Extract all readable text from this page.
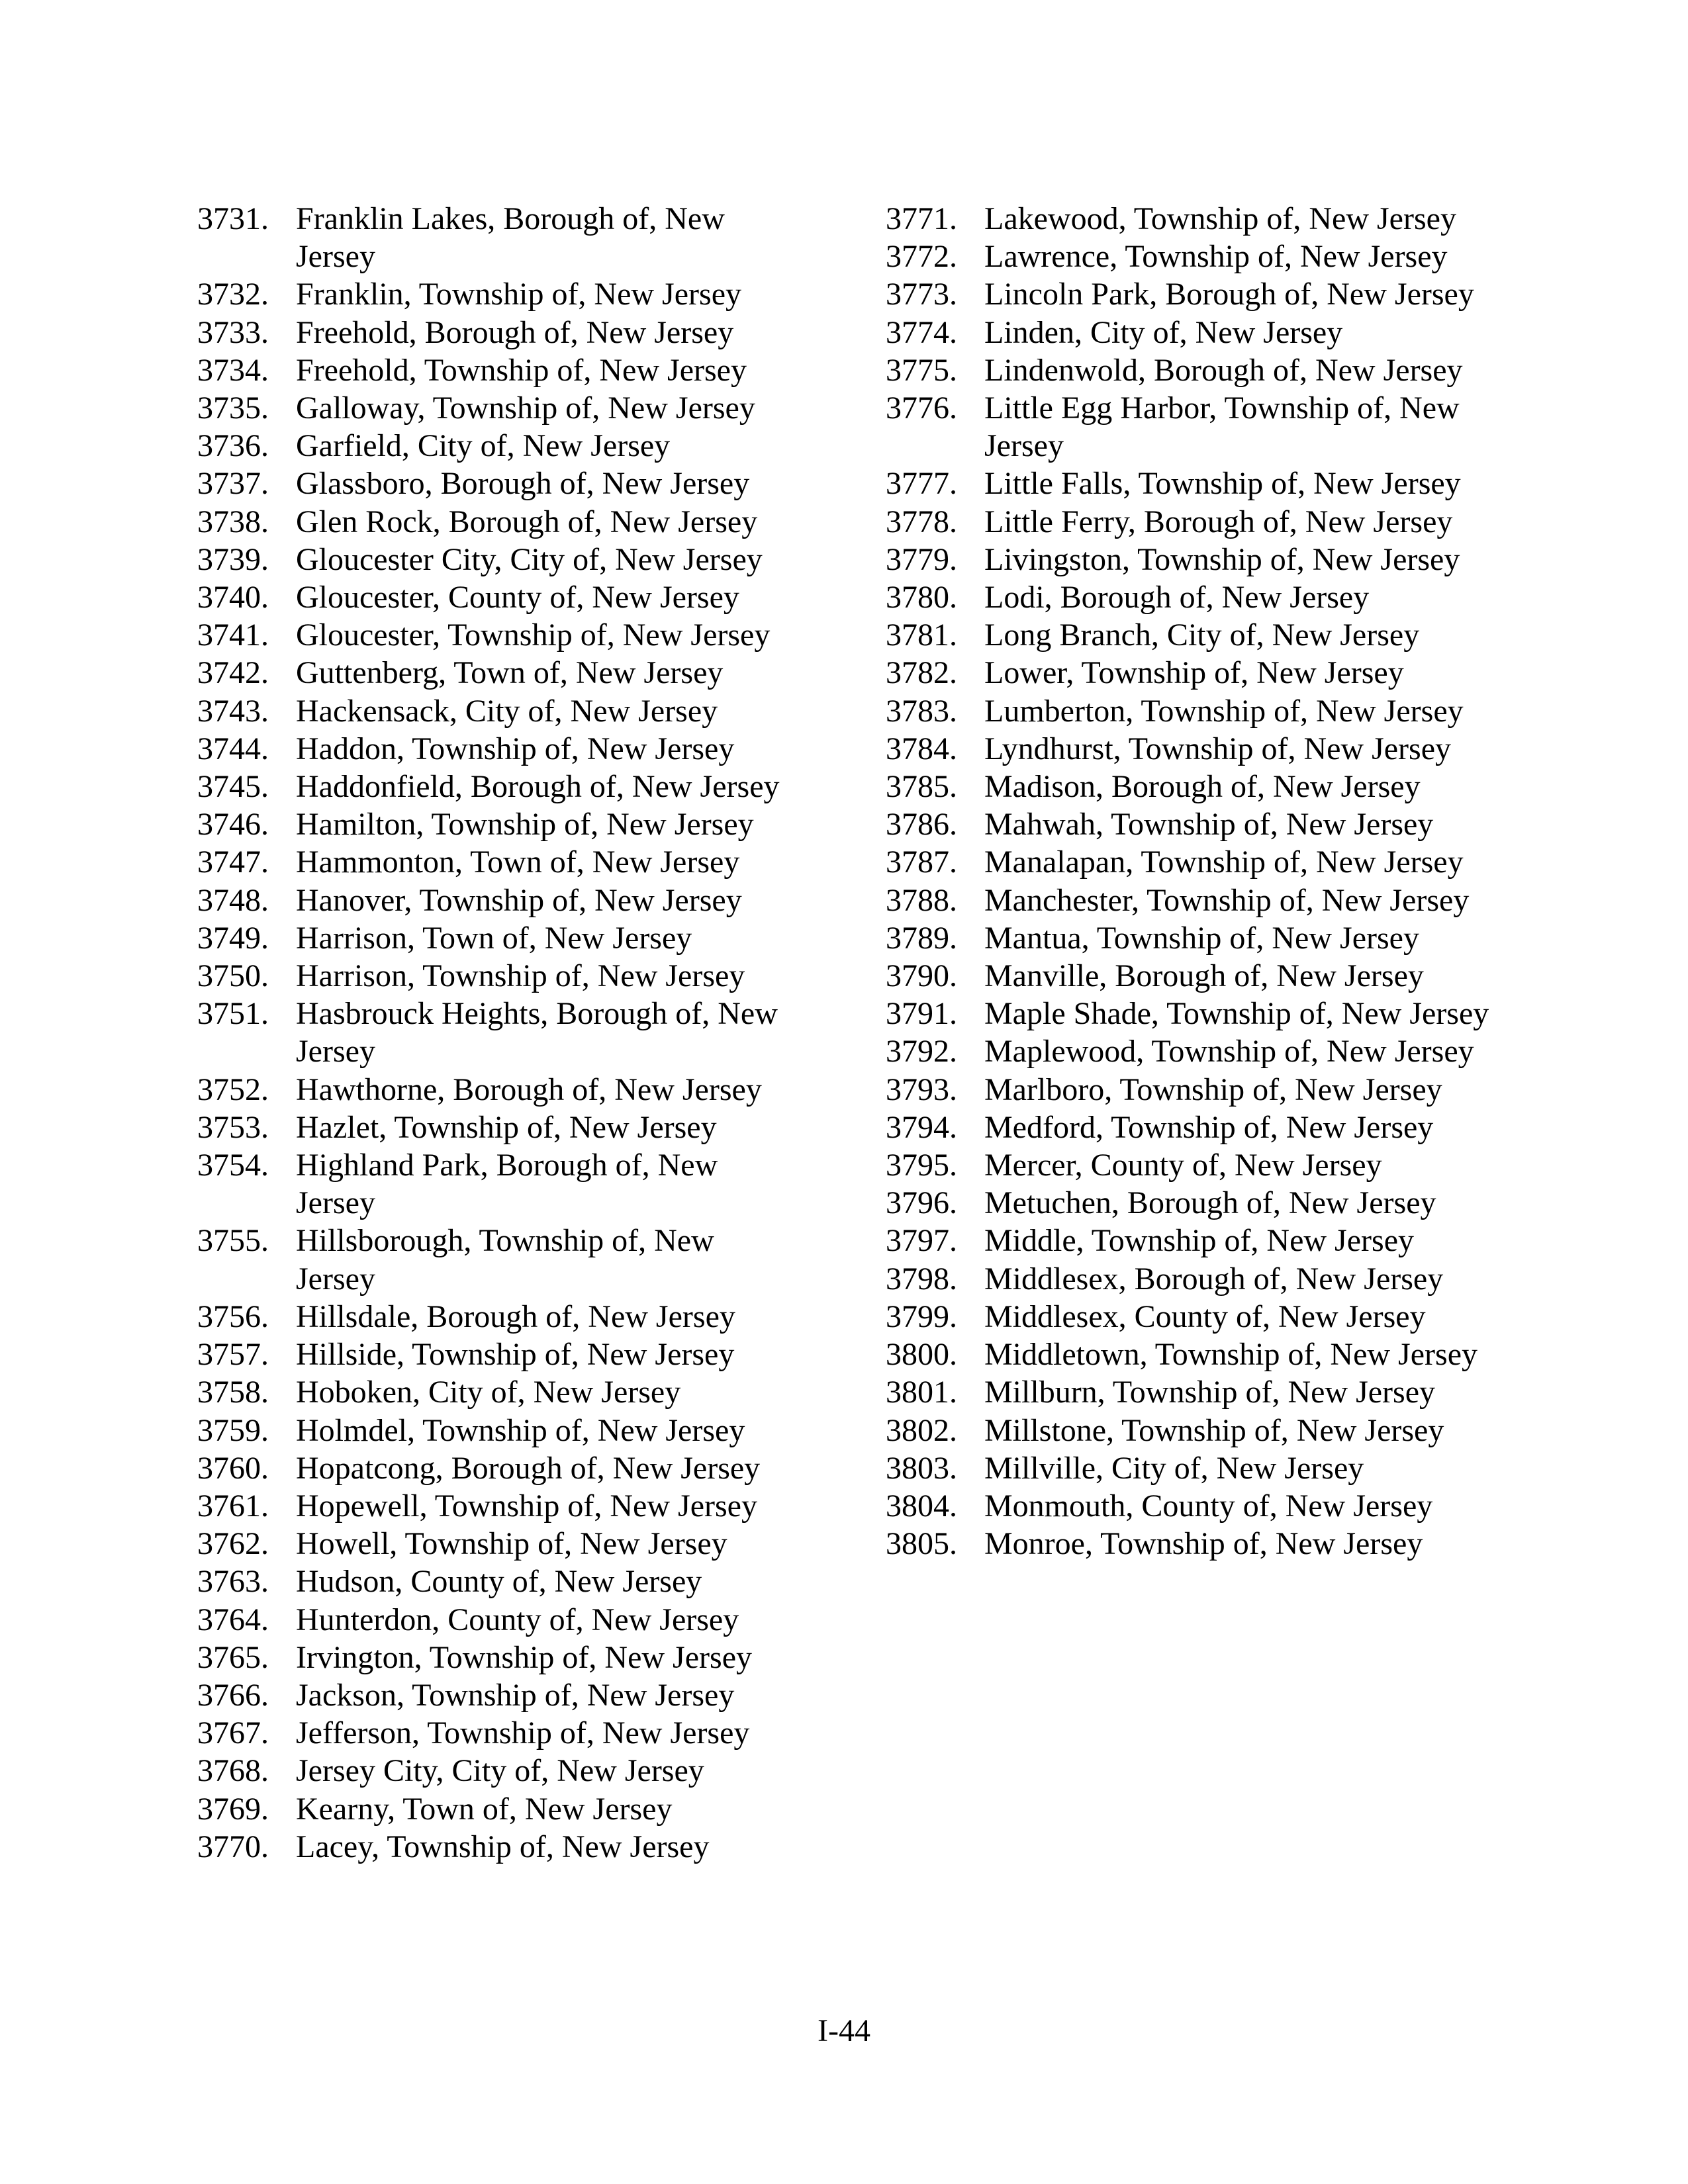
3731. Franklin Lakes, Borough of, New Jersey
3732. Franklin, Township of, New Jersey
3733. Freehold, Borough of, New Jersey
3734. Freehold, Township of, New Jersey
3735. Galloway, Township of, New Jersey
3736. Garfield, City of, New Jersey
3737. Glassboro, Borough of, New Jersey
3738. Glen Rock, Borough of, New Jersey
3739. Gloucester City, City of, New Jersey
3740. Gloucester, County of, New Jersey
3741. Gloucester, Township of, New Jersey
3742. Guttenberg, Town of, New Jersey
3743. Hackensack, City of, New Jersey
3744. Haddon, Township of, New Jersey
3745. Haddonfield, Borough of, New Jersey
3746. Hamilton, Township of, New Jersey
3747. Hammonton, Town of, New Jersey
3748. Hanover, Township of, New Jersey
3749. Harrison, Town of, New Jersey
3750. Harrison, Township of, New Jersey
3751. Hasbrouck Heights, Borough of, New Jersey
3752. Hawthorne, Borough of, New Jersey
3753. Hazlet, Township of, New Jersey
3754. Highland Park, Borough of, New Jersey
3755. Hillsborough, Township of, New Jersey
3756. Hillsdale, Borough of, New Jersey
3757. Hillside, Township of, New Jersey
3758. Hoboken, City of, New Jersey
3759. Holmdel, Township of, New Jersey
3760. Hopatcong, Borough of, New Jersey
3761. Hopewell, Township of, New Jersey
3762. Howell, Township of, New Jersey
3763. Hudson, County of, New Jersey
3764. Hunterdon, County of, New Jersey
3765. Irvington, Township of, New Jersey
3766. Jackson, Township of, New Jersey
3767. Jefferson, Township of, New Jersey
3768. Jersey City, City of, New Jersey
3769. Kearny, Town of, New Jersey
3770. Lacey, Township of, New Jersey
3771. Lakewood, Township of, New Jersey
3772. Lawrence, Township of, New Jersey
3773. Lincoln Park, Borough of, New Jersey
3774. Linden, City of, New Jersey
3775. Lindenwold, Borough of, New Jersey
3776. Little Egg Harbor, Township of, New Jersey
3777. Little Falls, Township of, New Jersey
3778. Little Ferry, Borough of, New Jersey
3779. Livingston, Township of, New Jersey
3780. Lodi, Borough of, New Jersey
3781. Long Branch, City of, New Jersey
3782. Lower, Township of, New Jersey
3783. Lumberton, Township of, New Jersey
3784. Lyndhurst, Township of, New Jersey
3785. Madison, Borough of, New Jersey
3786. Mahwah, Township of, New Jersey
3787. Manalapan, Township of, New Jersey
3788. Manchester, Township of, New Jersey
3789. Mantua, Township of, New Jersey
3790. Manville, Borough of, New Jersey
3791. Maple Shade, Township of, New Jersey
3792. Maplewood, Township of, New Jersey
3793. Marlboro, Township of, New Jersey
3794. Medford, Township of, New Jersey
3795. Mercer, County of, New Jersey
3796. Metuchen, Borough of, New Jersey
3797. Middle, Township of, New Jersey
3798. Middlesex, Borough of, New Jersey
3799. Middlesex, County of, New Jersey
3800. Middletown, Township of, New Jersey
3801. Millburn, Township of, New Jersey
3802. Millstone, Township of, New Jersey
3803. Millville, City of, New Jersey
3804. Monmouth, County of, New Jersey
3805. Monroe, Township of, New Jersey
I-44
